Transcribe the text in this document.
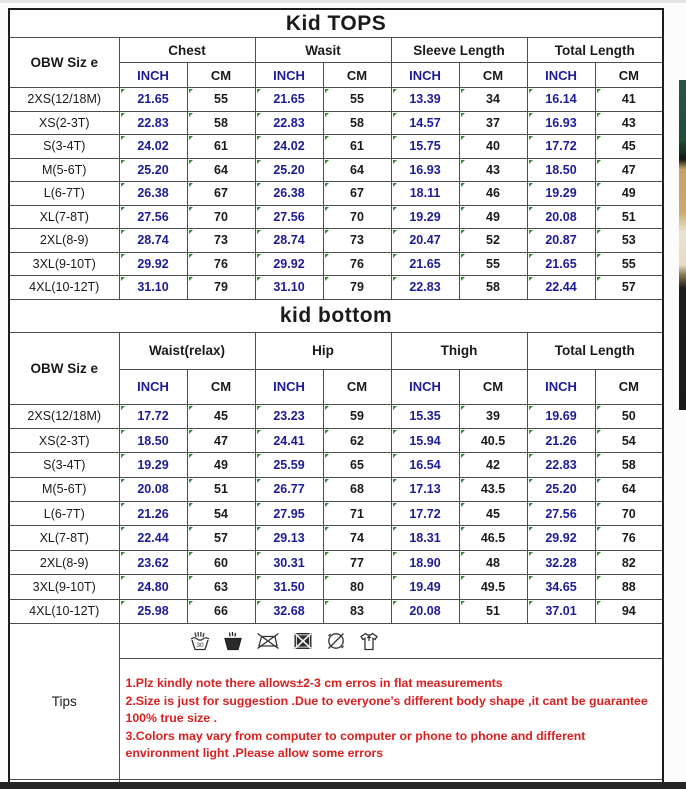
Kid TOPS								
OBW Siz e	Chest		Wasit		Sleeve Length		Total Length	
	INCH	CM	INCH	CM	INCH	CM	INCH	CM
2XS(12/18M)	21.65	55	21.65	55	13.39	34	16.14	41
XS(2-3T)	22.83	58	22.83	58	14.57	37	16.93	43
S(3-4T)	24.02	61	24.02	61	15.75	40	17.72	45
M(5-6T)	25.20	64	25.20	64	16.93	43	18.50	47
L(6-7T)	26.38	67	26.38	67	18.11	46	19.29	49
XL(7-8T)	27.56	70	27.56	70	19.29	49	20.08	51
2XL(8-9)	28.74	73	28.74	73	20.47	52	20.87	53
3XL(9-10T)	29.92	76	29.92	76	21.65	55	21.65	55
4XL(10-12T)	31.10	79	31.10	79	22.83	58	22.44	57
kid bottom								
OBW Siz e	Waist(relax)		Hip		Thigh		Total Length	
	INCH	CM	INCH	CM	INCH	CM	INCH	CM
2XS(12/18M)	17.72	45	23.23	59	15.35	39	19.69	50
XS(2-3T)	18.50	47	24.41	62	15.94	40.5	21.26	54
S(3-4T)	19.29	49	25.59	65	16.54	42	22.83	58
M(5-6T)	20.08	51	26.77	68	17.13	43.5	25.20	64
L(6-7T)	21.26	54	27.95	71	17.72	45	27.56	70
XL(7-8T)	22.44	57	29.13	74	18.31	46.5	29.92	76
2XL(8-9)	23.62	60	30.31	77	18.90	48	32.28	82
3XL(9-10T)	24.80	63	31.50	80	19.49	49.5	34.65	88
4XL(10-12T)	25.98	66	32.68	83	20.08	51	37.01	94
Tips	30							

	1.Plz kindly note there allows±2-3 cm erros in flat measurements

2.Size is just for suggestion .Due to everyone's different body shape ,it cant be guarantee 100% true size .

3.Colors may vary from computer to computer or phone to phone and different environment light .Please allow some errors							
